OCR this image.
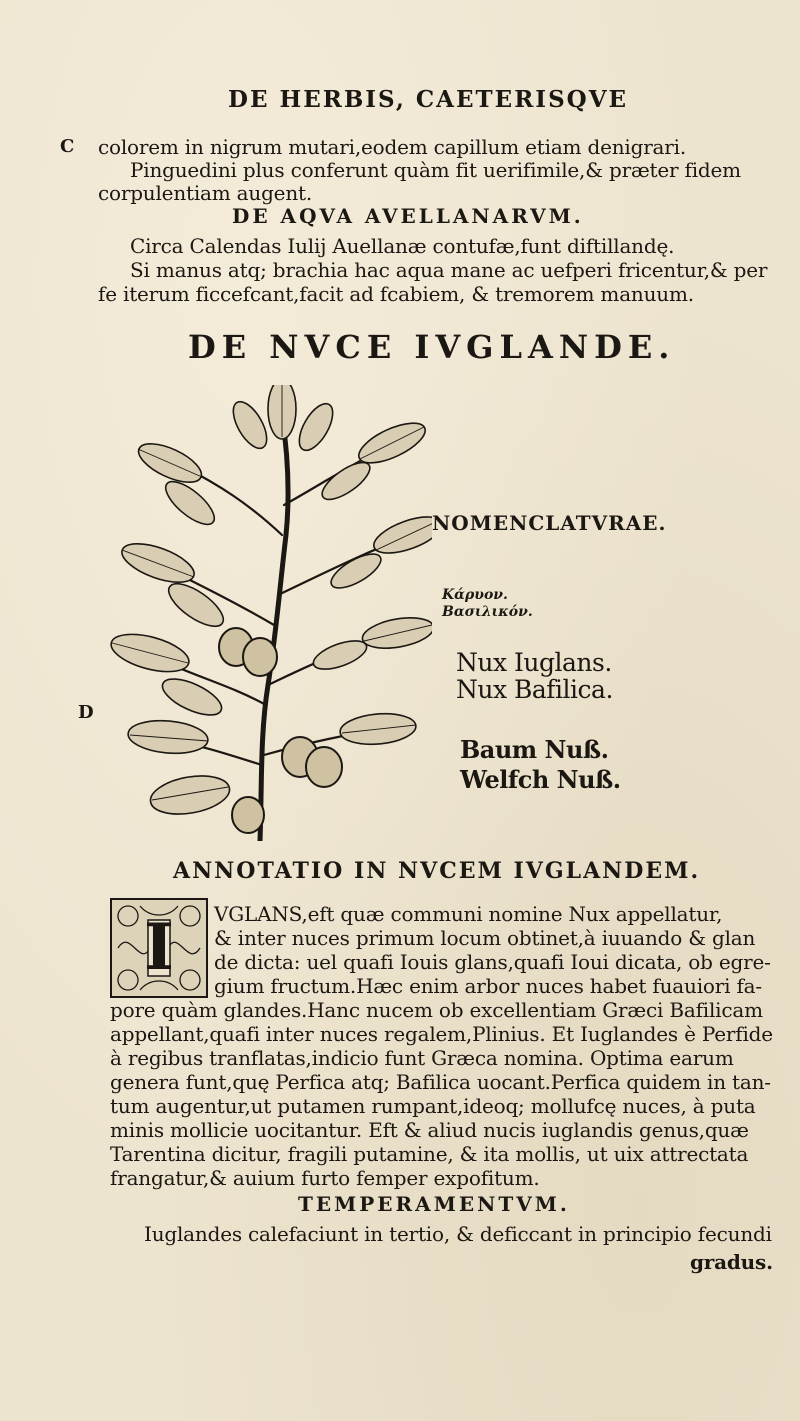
DE HERBIS, CAETERISQVE
C
D
colorem in nigrum mutari,eodem capillum etiam denigrari.
Pinguedini plus conferunt quàm fit uerifimile,& præter fidem
corpulentiam augent.
DE AQVA AVELLANARVM.
Circa Calendas Iulij Auellanæ contufæ,funt diftillandę.
Si manus atq; brachia hac aqua mane ac uefperi fricentur,& per
fe iterum ficcefcant,facit ad fcabiem, & tremorem manuum.
DE NVCE IVGLANDE.
NOMENCLATVRAE.
Κάρυον.
Βασιλικόν.
Nux Iuglans.
Nux Bafilica.
Baum Nuß.
Welfch Nuß.
ANNOTATIO IN NVCEM IVGLANDEM.
I	VGLANS,eft quæ communi nomine Nux appellatur,
& inter nuces primum locum obtinet,à iuuando & glan
de dicta: uel quafi Iouis glans,quafi Ioui dicata, ob egre-
gium fructum.Hæc enim arbor nuces habet fuauiori fa-
pore quàm glandes.Hanc nucem ob excellentiam Græci Bafilicam
appellant,quafi inter nuces regalem,Plinius. Et Iuglandes è Perfide
à regibus tranflatas,indicio funt Græca nomina. Optima earum
genera funt,quę Perfica atq; Bafilica uocant.Perfica quidem in tan-
tum augentur,ut putamen rumpant,ideoq; mollufcę nuces, à puta
minis mollicie uocitantur. Eft & aliud nucis iuglandis genus,quæ
Tarentina dicitur, fragili putamine, & ita mollis, ut uix attrectata
frangatur,& auium furto femper expofitum.
TEMPERAMENTVM.
Iuglandes calefaciunt in tertio, & deficcant in principio fecundi
gradus.
